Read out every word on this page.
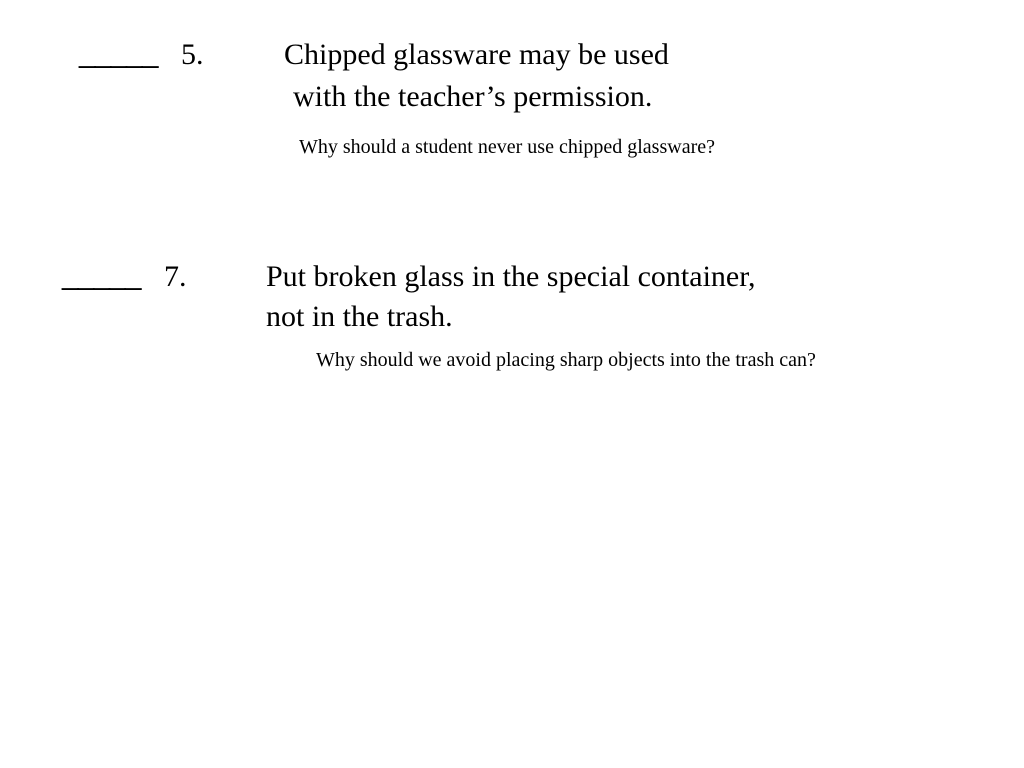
_____ 5.	Chipped glassware may be used
with the teacher’s permission.
Why should a student never use chipped glassware?
_____ 7.	Put broken glass in the special container,
not in the trash.
Why should we avoid placing sharp objects into the trash can?
